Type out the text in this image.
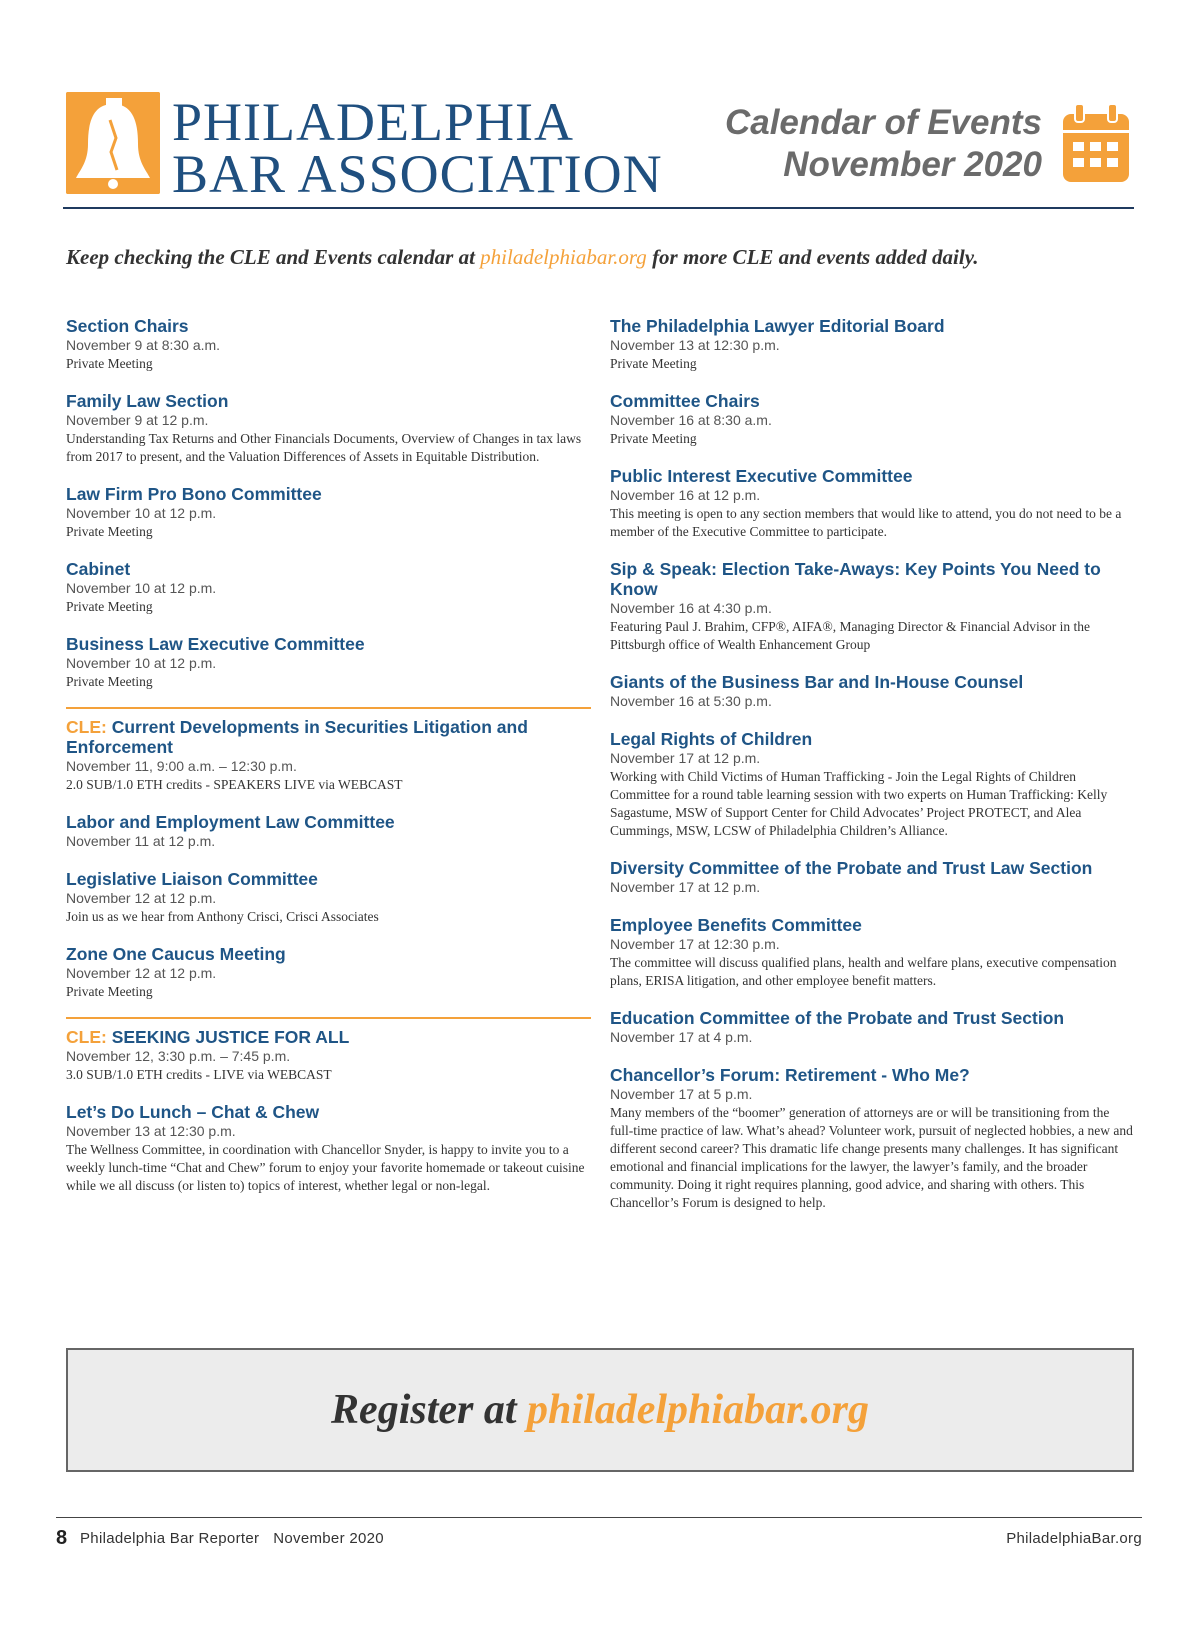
PHILADELPHIA
BAR ASSOCIATION
Calendar of Events
November 2020
Keep checking the CLE and Events calendar at philadelphiabar.org for more CLE and events added daily.
Section Chairs
November 9 at 8:30 a.m.
Private Meeting
Family Law Section
November 9 at 12 p.m.
Understanding Tax Returns and Other Financials Documents, Overview of Changes in tax laws from 2017 to present, and the Valuation Differences of Assets in Equitable Distribution.
Law Firm Pro Bono Committee
November 10 at 12 p.m.
Private Meeting
Cabinet
November 10 at 12 p.m.
Private Meeting
Business Law Executive Committee
November 10 at 12 p.m.
Private Meeting
CLE: Current Developments in Securities Litigation and Enforcement
November 11, 9:00 a.m. – 12:30 p.m.
2.0 SUB/1.0 ETH credits - SPEAKERS LIVE via WEBCAST
Labor and Employment Law Committee
November 11 at 12 p.m.
Legislative Liaison Committee
November 12 at 12 p.m.
Join us as we hear from Anthony Crisci, Crisci Associates
Zone One Caucus Meeting
November 12 at 12 p.m.
Private Meeting
CLE: SEEKING JUSTICE FOR ALL
November 12, 3:30 p.m. – 7:45 p.m.
3.0 SUB/1.0 ETH credits - LIVE via WEBCAST
Let’s Do Lunch – Chat & Chew
November 13 at 12:30 p.m.
The Wellness Committee, in coordination with Chancellor Snyder, is happy to invite you to a weekly lunch-time “Chat and Chew” forum to enjoy your favorite homemade or takeout cuisine while we all discuss (or listen to) topics of interest, whether legal or non-legal.
The Philadelphia Lawyer Editorial Board
November 13 at 12:30 p.m.
Private Meeting
Committee Chairs
November 16 at 8:30 a.m.
Private Meeting
Public Interest Executive Committee
November 16 at 12 p.m.
This meeting is open to any section members that would like to attend, you do not need to be a member of the Executive Committee to participate.
Sip & Speak: Election Take-Aways: Key Points You Need to Know
November 16 at 4:30 p.m.
Featuring Paul J. Brahim, CFP®, AIFA®, Managing Director & Financial Advisor in the Pittsburgh office of Wealth Enhancement Group
Giants of the Business Bar and In-House Counsel
November 16 at 5:30 p.m.
Legal Rights of Children
November 17 at 12 p.m.
Working with Child Victims of Human Trafficking - Join the Legal Rights of Children Committee for a round table learning session with two experts on Human Trafficking: Kelly Sagastume, MSW of Support Center for Child Advocates’ Project PROTECT, and Alea Cummings, MSW, LCSW of Philadelphia Children’s Alliance.
Diversity Committee of the Probate and Trust Law Section
November 17 at 12 p.m.
Employee Benefits Committee
November 17 at 12:30 p.m.
The committee will discuss qualified plans, health and welfare plans, executive compensation plans, ERISA litigation, and other employee benefit matters.
Education Committee of the Probate and Trust Section
November 17 at 4 p.m.
Chancellor’s Forum: Retirement - Who Me?
November 17 at 5 p.m.
Many members of the “boomer” generation of attorneys are or will be transitioning from the full-time practice of law. What’s ahead? Volunteer work, pursuit of neglected hobbies, a new and different second career? This dramatic life change presents many challenges. It has significant emotional and financial implications for the lawyer, the lawyer’s family, and the broader community. Doing it right requires planning, good advice, and sharing with others. This Chancellor’s Forum is designed to help.
Register at philadelphiabar.org
8 Philadelphia Bar Reporter November 2020	PhiladelphiaBar.org
